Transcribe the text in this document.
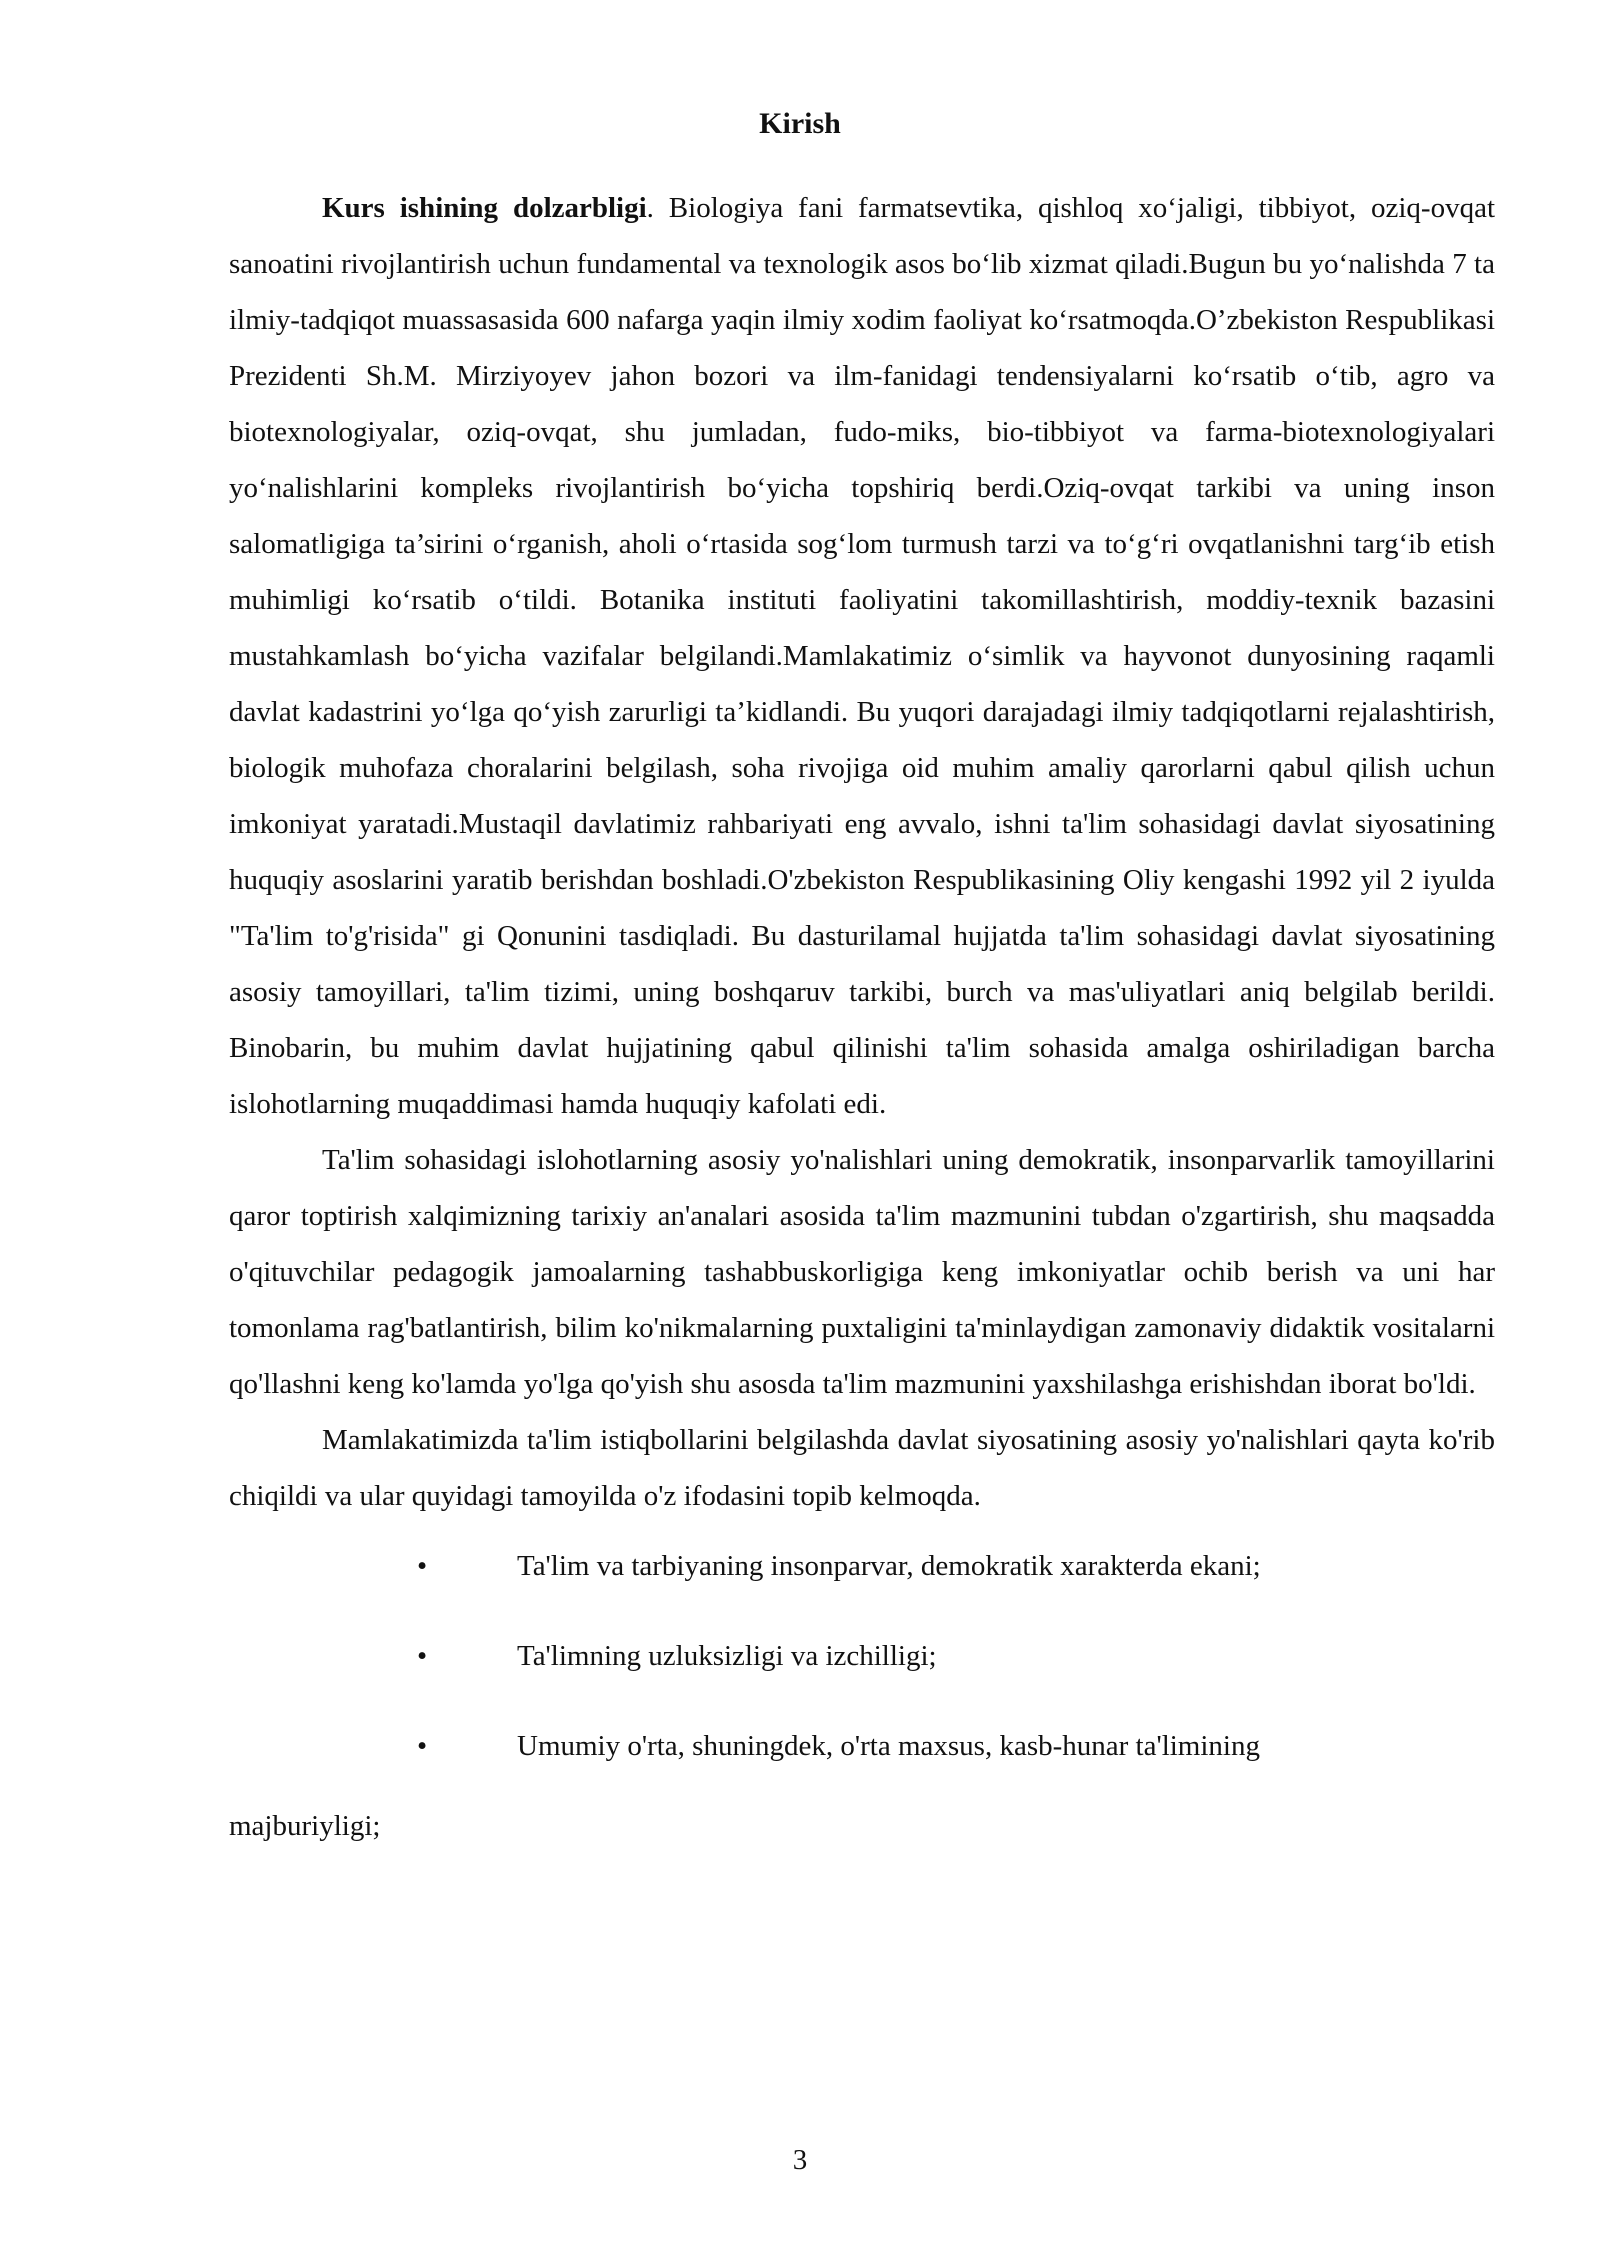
Kirish

Kurs ishining dolzarbligi. Biologiya fani farmatsevtika, qishloq xo‘jaligi, tibbiyot, oziq-ovqat sanoatini rivojlantirish uchun fundamental va texnologik asos bo‘lib xizmat qiladi.Bugun bu yo‘nalishda 7 ta ilmiy-tadqiqot muassasasida 600 nafarga yaqin ilmiy xodim faoliyat ko‘rsatmoqda.O’zbekiston Respublikasi Prezidenti Sh.M. Mirziyoyev jahon bozori va ilm-fanidagi tendensiyalarni ko‘rsatib o‘tib, agro va biotexnologiyalar, oziq-ovqat, shu jumladan, fudo-miks, bio-tibbiyot va farma-biotexnologiyalari yo‘nalishlarini kompleks rivojlantirish bo‘yicha topshiriq berdi.Oziq-ovqat tarkibi va uning inson salomatligiga ta’sirini o‘rganish, aholi o‘rtasida sog‘lom turmush tarzi va to‘g‘ri ovqatlanishni targ‘ib etish muhimligi ko‘rsatib o‘tildi. Botanika instituti faoliyatini takomillashtirish, moddiy-texnik bazasini mustahkamlash bo‘yicha vazifalar belgilandi.Mamlakatimiz o‘simlik va hayvonot dunyosining raqamli davlat kadastrini yo‘lga qo‘yish zarurligi ta’kidlandi. Bu yuqori darajadagi ilmiy tadqiqotlarni rejalashtirish, biologik muhofaza choralarini belgilash, soha rivojiga oid muhim amaliy qarorlarni qabul qilish uchun imkoniyat yaratadi.Mustaqil davlatimiz rahbariyati eng avvalo, ishni ta'lim sohasidagi davlat siyosatining huquqiy asoslarini yaratib berishdan boshladi.O'zbekiston Respublikasining Oliy kengashi 1992 yil 2 iyulda "Ta'lim to'g'risida" gi Qonunini tasdiqladi. Bu dasturilamal hujjatda ta'lim sohasidagi davlat siyosatining asosiy tamoyillari, ta'lim tizimi, uning boshqaruv tarkibi, burch va mas'uliyatlari aniq belgilab berildi. Binobarin, bu muhim davlat hujjatining qabul qilinishi ta'lim sohasida amalga oshiriladigan barcha islohotlarning muqaddimasi hamda huquqiy kafolati edi.

Ta'lim sohasidagi islohotlarning asosiy yo'nalishlari uning demokratik, insonparvarlik tamoyillarini qaror toptirish xalqimizning tarixiy an'analari asosida ta'lim mazmunini tubdan o'zgartirish, shu maqsadda o'qituvchilar pedagogik jamoalarning tashabbuskorligiga keng imkoniyatlar ochib berish va uni har tomonlama rag'batlantirish, bilim ko'nikmalarning puxtaligini ta'minlaydigan zamonaviy didaktik vositalarni qo'llashni keng ko'lamda yo'lga qo'yish shu asosda ta'lim mazmunini yaxshilashga erishishdan iborat bo'ldi.

Mamlakatimizda ta'lim istiqbollarini belgilashda davlat siyosatining asosiy yo'nalishlari qayta ko'rib chiqildi va ular quyidagi tamoyilda o'z ifodasini topib kelmoqda.

•	Ta'lim va tarbiyaning insonparvar, demokratik xarakterda ekani;
•	Ta'limning uzluksizligi va izchilligi;
•	Umumiy o'rta, shuningdek, o'rta maxsus, kasb-hunar ta'limining

majburiyligi;

3
